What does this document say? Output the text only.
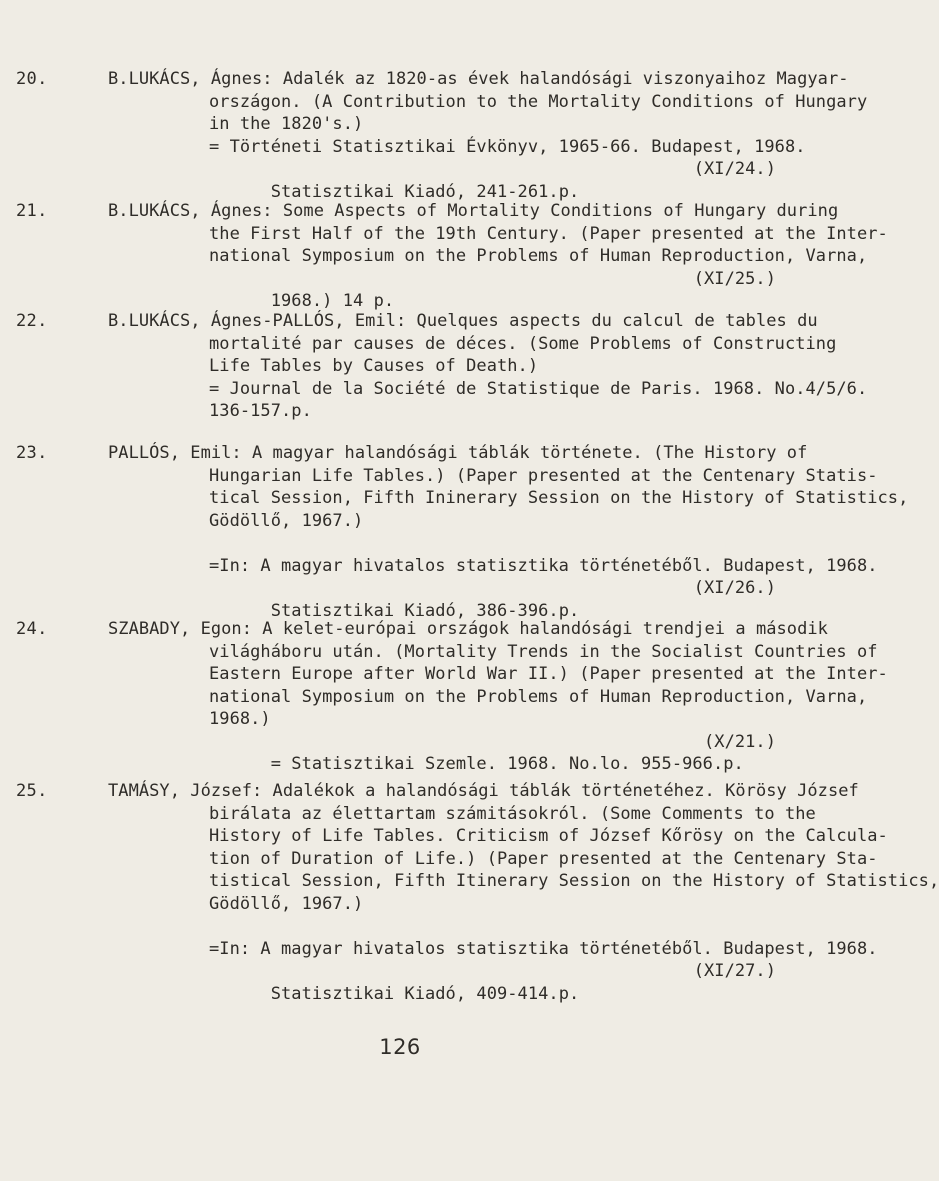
20.	B.LUKÁCS, Ágnes: Adalék az 1820-as évek halandósági viszonyaihoz Magyar-
országon. (A Contribution to the Mortality Conditions of Hungary
in the 1820's.)
= Történeti Statisztikai Évkönyv, 1965-66. Budapest, 1968.

Statisztikai Kiadó, 241-261.p.

(XI/24.)

21.	B.LUKÁCS, Ágnes: Some Aspects of Mortality Conditions of Hungary during
the First Half of the 19th Century. (Paper presented at the Inter-
national Symposium on the Problems of Human Reproduction, Varna,

1968.) 14 p.

(XI/25.)

22.	B.LUKÁCS, Ágnes-PALLÓS, Emil: Quelques aspects du calcul de tables du
mortalité par causes de déces. (Some Problems of Constructing
Life Tables by Causes of Death.)
= Journal de la Société de Statistique de Paris. 1968. No.4/5/6.
136-157.p.
23.	PALLÓS, Emil: A magyar halandósági táblák története. (The History of
Hungarian Life Tables.) (Paper presented at the Centenary Statis-
tical Session, Fifth Ininerary Session on the History of Statistics,
Gödöllő, 1967.)
=In: A magyar hivatalos statisztika történetéből. Budapest, 1968.

Statisztikai Kiadó, 386-396.p.

(XI/26.)

24.	SZABADY, Egon: A kelet-európai országok halandósági trendjei a második
világháboru után. (Mortality Trends in the Socialist Countries of
Eastern Europe after World War II.) (Paper presented at the Inter-
national Symposium on the Problems of Human Reproduction, Varna,
1968.)

= Statisztikai Szemle. 1968. No.lo. 955-966.p.

(X/21.)

25.	TAMÁSY, József: Adalékok a halandósági táblák történetéhez. Körösy József
birálata az élettartam számitásokról. (Some Comments to the
History of Life Tables. Criticism of József Kőrösy on the Calcula-
tion of Duration of Life.) (Paper presented at the Centenary Sta-
tistical Session, Fifth Itinerary Session on the History of Statistics,
Gödöllő, 1967.)
=In: A magyar hivatalos statisztika történetéből. Budapest, 1968.

Statisztikai Kiadó, 409-414.p.

(XI/27.)

126
